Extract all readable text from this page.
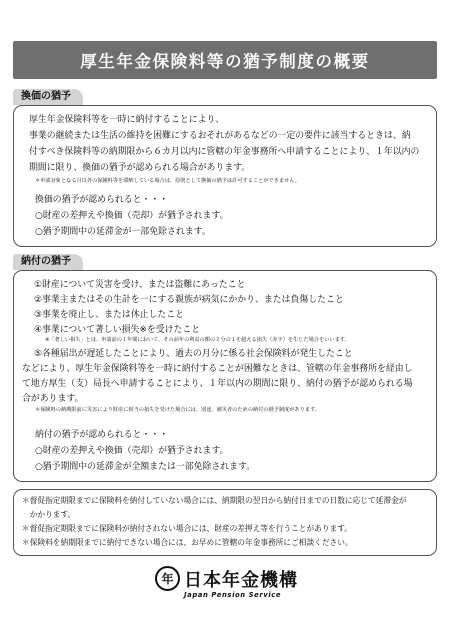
厚生年金保険料等の猶予制度の概要
換価の猶予
厚生年金保険料等を一時に納付することにより、
事業の継続または生活の維持を困難にするおそれがあるなどの一定の要件に該当するときは、納
付すべき保険料等の納期限から６カ月以内に管轄の年金事務所へ申請することにより、１年以内の
期間に限り、換価の猶予が認められる場合があります。
＊申請対象となる月以外の保険料等を滞納している場合は、原則として換価の猶予は許可することができません。
換価の猶予が認められると・・・
○財産の差押えや換価（売却）が猶予されます。
○猶予期間中の延滞金が一部免除されます。
納付の猶予
①財産について災害を受け、または盗難にあったこと
②事業主またはその生計を一にする親族が病気にかかり、または負傷したこと
③事業を廃止し、または休止したこと
④事業について著しい損失※を受けたこと
※「著しい損失」とは、申請前の１年間において、その前年の利益の額の２分の１を超える損失（赤字）を生じた場合をいいます。
⑤各種届出が遅延したことにより、過去の月分に係る社会保険料が発生したこと
などにより、厚生年金保険料等を一時に納付することが困難なときは、管轄の年金事務所を経由し
て地方厚生（支）局長へ申請することにより、１年以内の期間に限り、納付の猶予が認められる場
合があります。
＊保険料の納期限前に災害により財産に相当の損失を受けた場合には、別途、被災者のための納付の猶予制度があります。
納付の猶予が認められると・・・
○財産の差押えや換価（売却）が猶予されます。
○猶予期間中の延滞金が全額または一部免除されます。
＊督促指定期限までに保険料を納付していない場合には、納期限の翌日から納付日までの日数に応じて延滞金が
　かかります。
＊督促指定期限までに保険料が納付されない場合には、財産の差押え等を行うことがあります。
＊保険料を納期限までに納付できない場合には、お早めに管轄の年金事務所にご相談ください。
年 日本年金機構
Japan Pension Service
